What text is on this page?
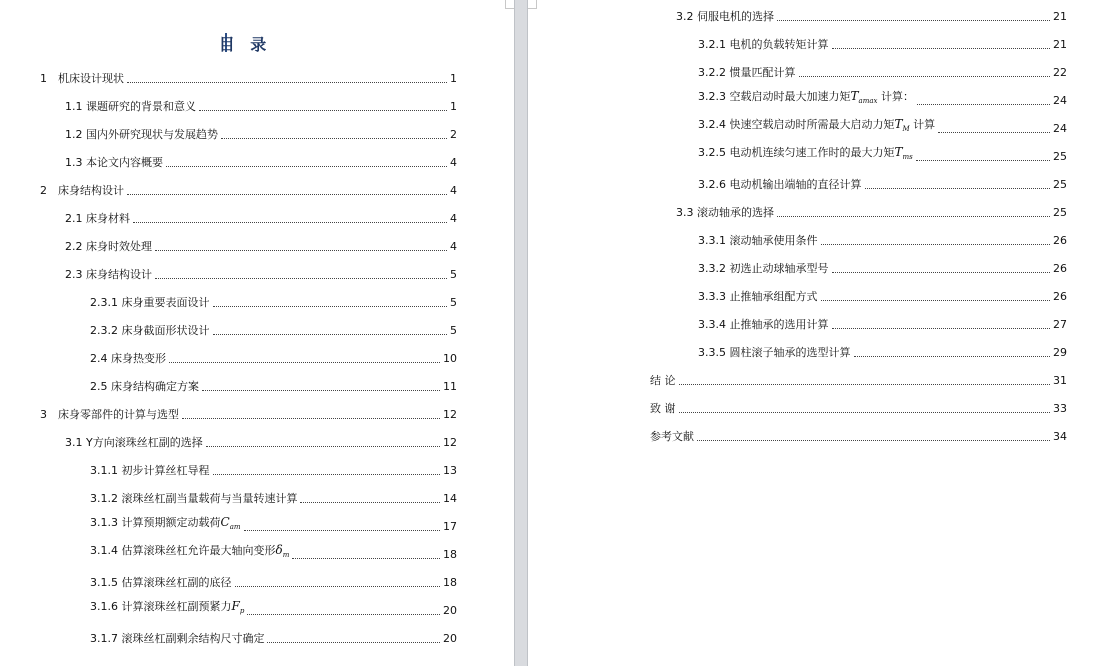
目 录
1　机床设计现状	1
1.1 课题研究的背景和意义	1
1.2 国内外研究现状与发展趋势	2
1.3 本论文内容概要	4
2　床身结构设计	4
2.1 床身材料	4
2.2 床身时效处理	4
2.3 床身结构设计	5
2.3.1 床身重要表面设计	5
2.3.2 床身截面形状设计	5
2.4 床身热变形	10
2.5 床身结构确定方案	11
3　床身零部件的计算与选型	12
3.1 Y方向滚珠丝杠副的选择	12
3.1.1 初步计算丝杠导程	13
3.1.2 滚珠丝杠副当量载荷与当量转速计算	14
3.1.3 计算预期额定动载荷$C_{am}$	17
3.1.4 估算滚珠丝杠允许最大轴向变形$\delta_m$	18
3.1.5 估算滚珠丝杠副的底径	18
3.1.6 计算滚珠丝杠副预紧力$F_p$	20
3.1.7 滚珠丝杠副剩余结构尺寸确定	20
3.2 伺服电机的选择	21
3.2.1 电机的负载转矩计算	21
3.2.2 惯量匹配计算	22
3.2.3 空载启动时最大加速力矩$T_{amax}$ 计算：	24
3.2.4 快速空载启动时所需最大启动力矩$T_M$ 计算	24
3.2.5 电动机连续匀速工作时的最大力矩$T_{ms}$	25
3.2.6 电动机输出端轴的直径计算	25
3.3 滚动轴承的选择	25
3.3.1 滚动轴承使用条件	26
3.3.2 初选止动球轴承型号	26
3.3.3 止推轴承组配方式	26
3.3.4 止推轴承的选用计算	27
3.3.5 圆柱滚子轴承的选型计算	29
结 论	31
致 谢	33
参考文献	34
